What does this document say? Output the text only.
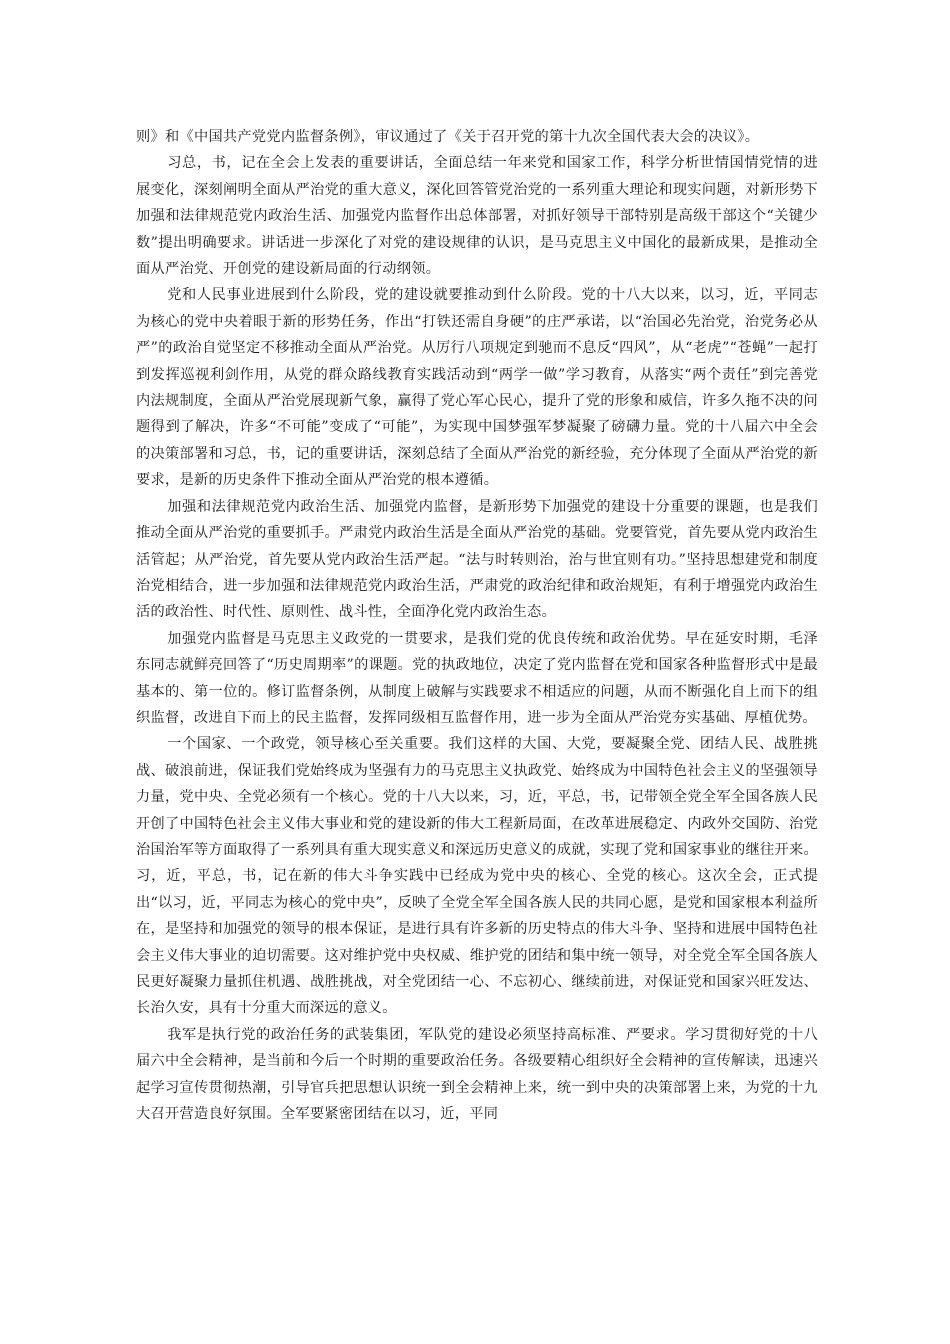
则》和《中国共产党党内监督条例》，审议通过了《关于召开党的第十九次全国代表大会的决议》。

习总，书，记在全会上发表的重要讲话，全面总结一年来党和国家工作，科学分析世情国情党情的进展变化，深刻阐明全面从严治党的重大意义，深化回答管党治党的一系列重大理论和现实问题，对新形势下加强和法律规范党内政治生活、加强党内监督作出总体部署，对抓好领导干部特别是高级干部这个“关键少数”提出明确要求。讲话进一步深化了对党的建设规律的认识，是马克思主义中国化的最新成果，是推动全面从严治党、开创党的建设新局面的行动纲领。

党和人民事业进展到什么阶段，党的建设就要推动到什么阶段。党的十八大以来，以习，近，平同志为核心的党中央着眼于新的形势任务，作出“打铁还需自身硬”的庄严承诺，以“治国必先治党，治党务必从严”的政治自觉坚定不移推动全面从严治党。从厉行八项规定到驰而不息反“四风”，从“老虎”“苍蝇”一起打到发挥巡视利剑作用，从党的群众路线教育实践活动到“两学一做”学习教育，从落实“两个责任”到完善党内法规制度，全面从严治党展现新气象，赢得了党心军心民心，提升了党的形象和威信，许多久拖不决的问题得到了解决，许多“不可能”变成了“可能”，为实现中国梦强军梦凝聚了磅礴力量。党的十八届六中全会的决策部署和习总，书，记的重要讲话，深刻总结了全面从严治党的新经验，充分体现了全面从严治党的新要求，是新的历史条件下推动全面从严治党的根本遵循。

加强和法律规范党内政治生活、加强党内监督，是新形势下加强党的建设十分重要的课题，也是我们推动全面从严治党的重要抓手。严肃党内政治生活是全面从严治党的基础。党要管党，首先要从党内政治生活管起；从严治党，首先要从党内政治生活严起。“法与时转则治，治与世宜则有功。”坚持思想建党和制度治党相结合，进一步加强和法律规范党内政治生活，严肃党的政治纪律和政治规矩，有利于增强党内政治生活的政治性、时代性、原则性、战斗性，全面净化党内政治生态。

加强党内监督是马克思主义政党的一贯要求，是我们党的优良传统和政治优势。早在延安时期，毛泽东同志就鲜亮回答了“历史周期率”的课题。党的执政地位，决定了党内监督在党和国家各种监督形式中是最基本的、第一位的。修订监督条例，从制度上破解与实践要求不相适应的问题，从而不断强化自上而下的组织监督，改进自下而上的民主监督，发挥同级相互监督作用，进一步为全面从严治党夯实基础、厚植优势。

一个国家、一个政党，领导核心至关重要。我们这样的大国、大党，要凝聚全党、团结人民、战胜挑战、破浪前进，保证我们党始终成为坚强有力的马克思主义执政党、始终成为中国特色社会主义的坚强领导力量，党中央、全党必须有一个核心。党的十八大以来，习，近，平总，书，记带领全党全军全国各族人民开创了中国特色社会主义伟大事业和党的建设新的伟大工程新局面，在改革进展稳定、内政外交国防、治党治国治军等方面取得了一系列具有重大现实意义和深远历史意义的成就，实现了党和国家事业的继往开来。习，近，平总，书，记在新的伟大斗争实践中已经成为党中央的核心、全党的核心。这次全会，正式提出“以习，近，平同志为核心的党中央”，反映了全党全军全国各族人民的共同心愿，是党和国家根本利益所在，是坚持和加强党的领导的根本保证，是进行具有许多新的历史特点的伟大斗争、坚持和进展中国特色社会主义伟大事业的迫切需要。这对维护党中央权威、维护党的团结和集中统一领导，对全党全军全国各族人民更好凝聚力量抓住机遇、战胜挑战，对全党团结一心、不忘初心、继续前进，对保证党和国家兴旺发达、长治久安，具有十分重大而深远的意义。

我军是执行党的政治任务的武装集团，军队党的建设必须坚持高标准、严要求。学习贯彻好党的十八届六中全会精神，是当前和今后一个时期的重要政治任务。各级要精心组织好全会精神的宣传解读，迅速兴起学习宣传贯彻热潮，引导官兵把思想认识统一到全会精神上来，统一到中央的决策部署上来，为党的十九大召开营造良好氛围。全军要紧密团结在以习，近，平同
